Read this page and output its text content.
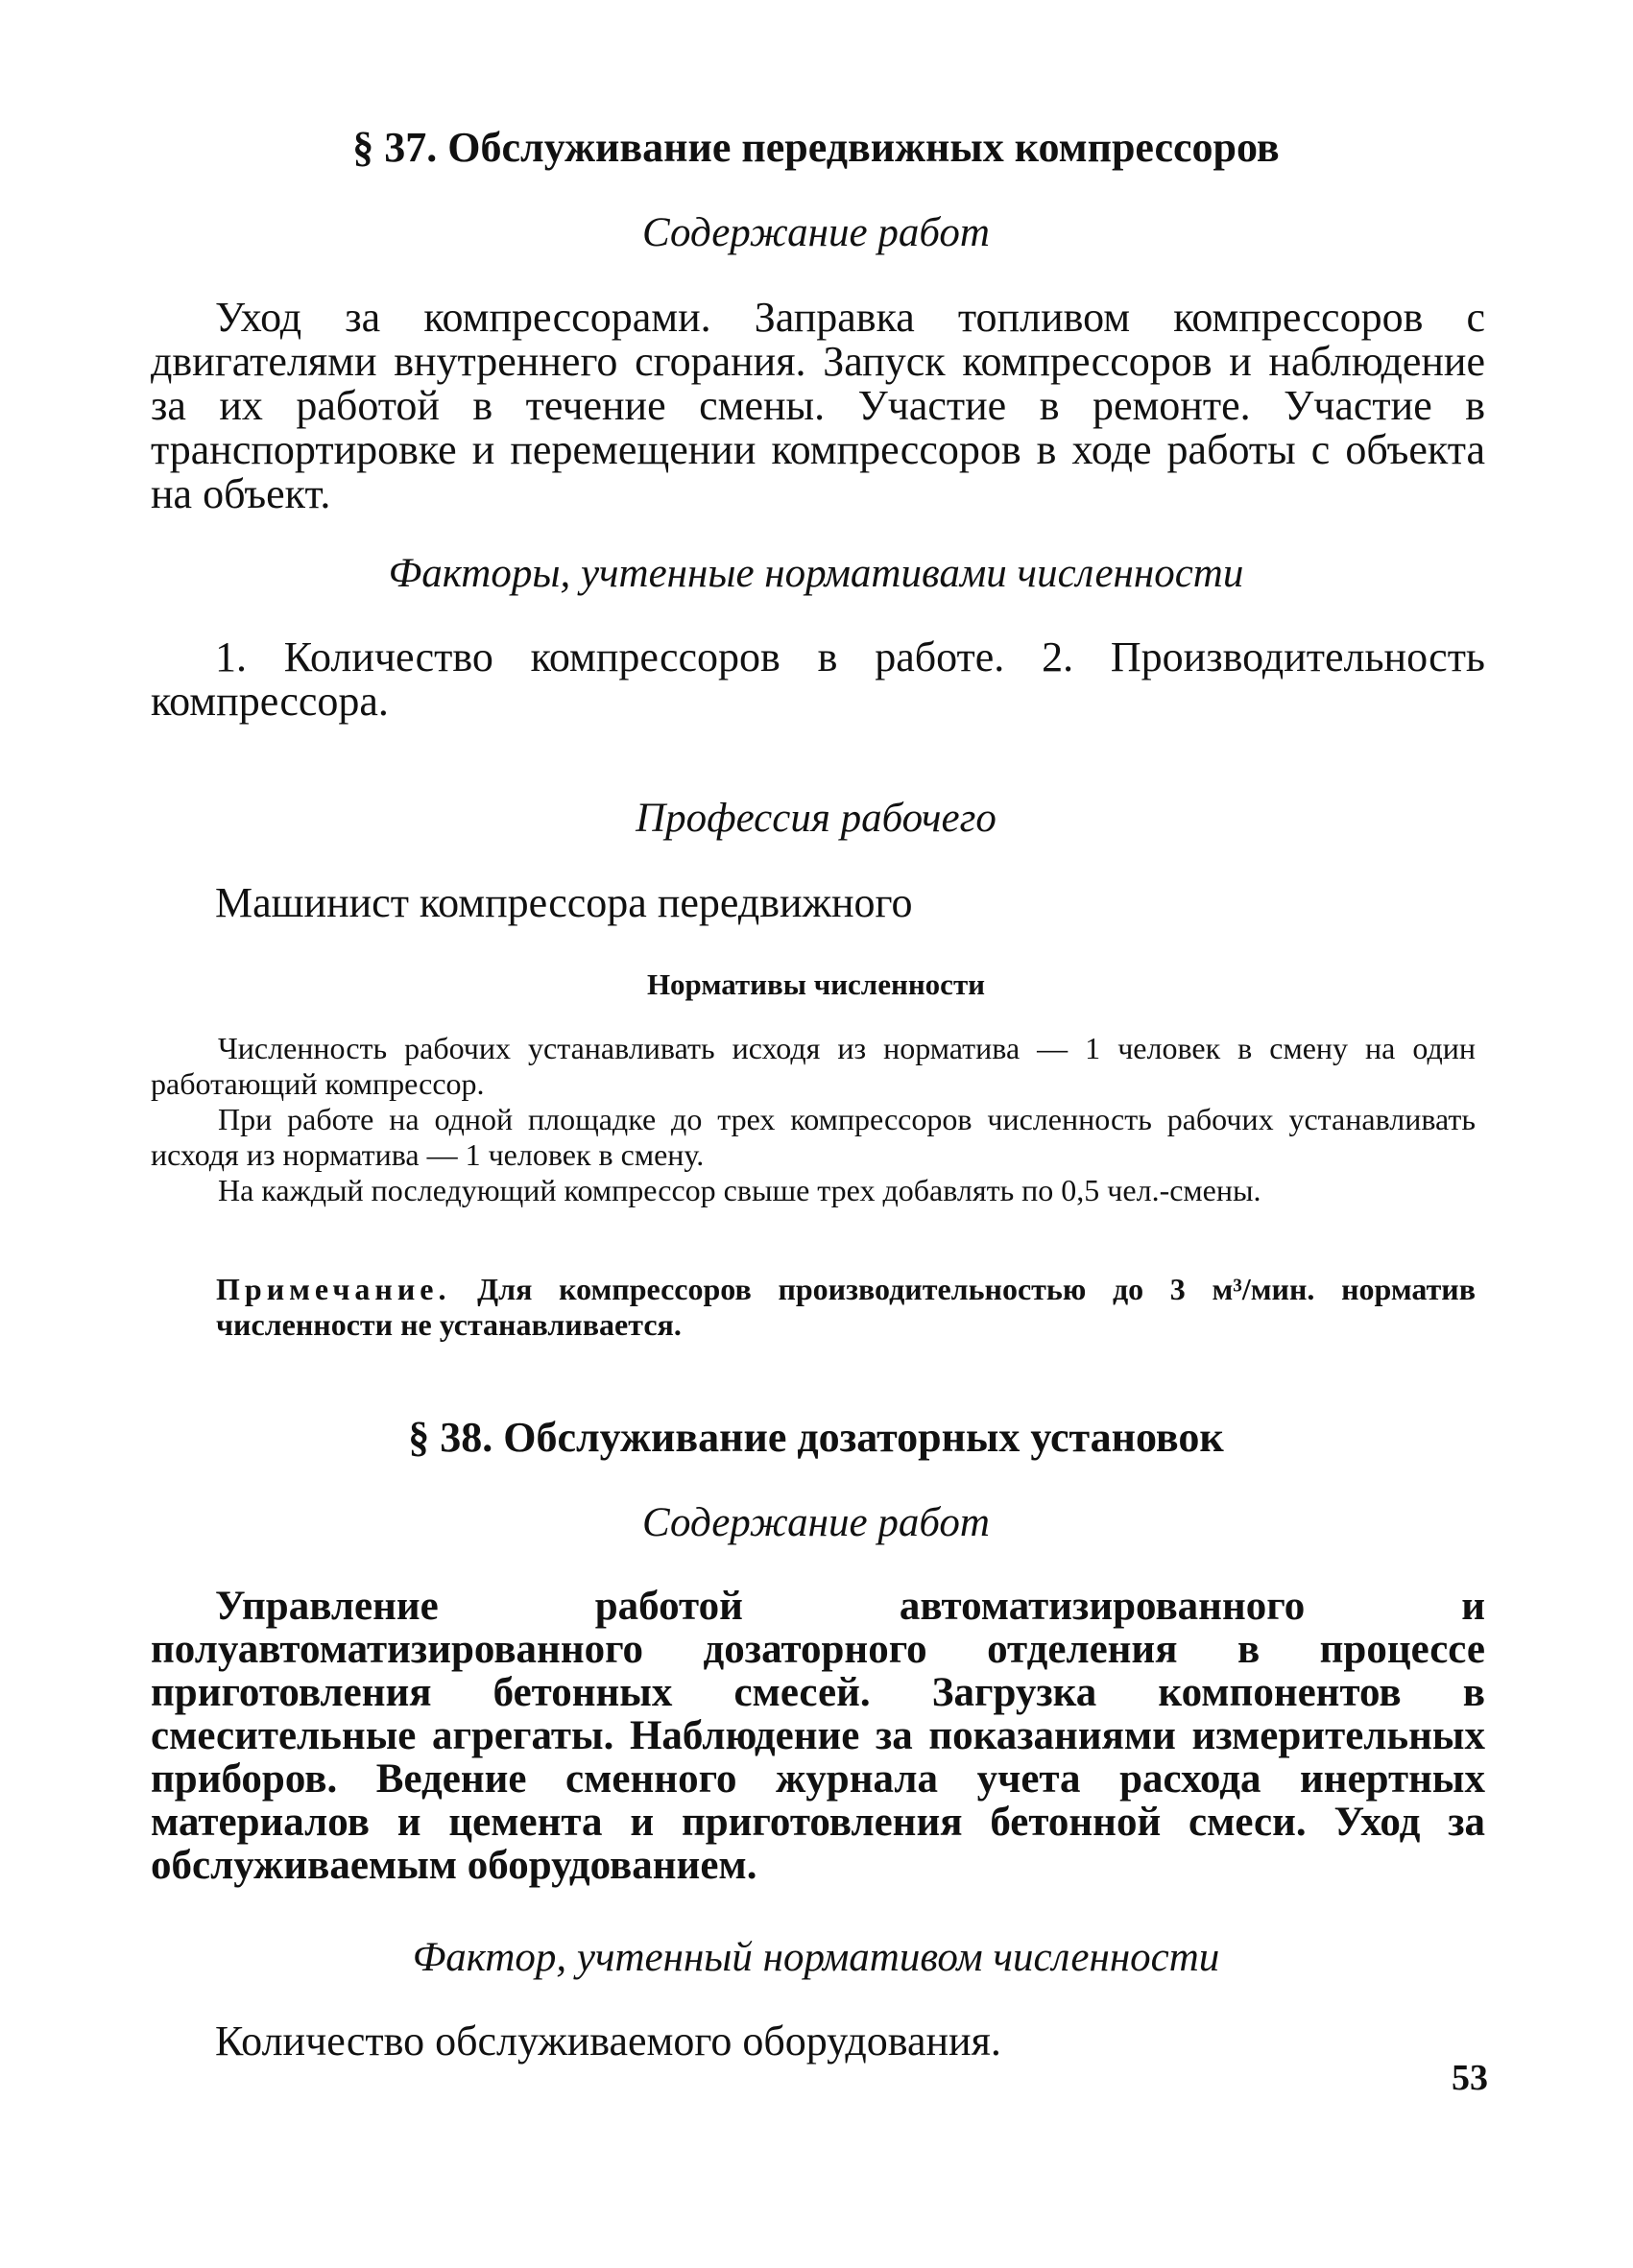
§ 37. Обслуживание передвижных компрессоров
Содержание работ
Уход за компрессорами. Заправка топливом компрессоров с двигателями внутреннего сгорания. Запуск компрессоров и наблюдение за их работой в течение смены. Участие в ремонте. Участие в транспортировке и перемещении компрессоров в ходе работы с объекта на объект.
Факторы, учтенные нормативами численности
1. Количество компрессоров в работе. 2. Производительность компрессора.
Профессия рабочего
Машинист компрессора передвижного
Нормативы численности

Численность рабочих устанавливать исходя из норматива — 1 человек в смену на один работающий компрессор.

При работе на одной площадке до трех компрессоров численность рабочих устанавливать исходя из норматива — 1 человек в смену.

На каждый последующий компрессор свыше трех добавлять по 0,5 чел.-смены.

Примечание. Для компрессоров производительностью до 3 м³/мин. норматив численности не устанавливается.
§ 38. Обслуживание дозаторных установок
Содержание работ
Управление работой автоматизированного и полуавтоматизированного дозаторного отделения в процессе приготовления бетонных смесей. Загрузка компонентов в смесительные агрегаты. Наблюдение за показаниями измерительных приборов. Ведение сменного журнала учета расхода инертных материалов и цемента и приготовления бетонной смеси. Уход за обслуживаемым оборудованием.
Фактор, учтенный нормативом численности
Количество обслуживаемого оборудования.
53
